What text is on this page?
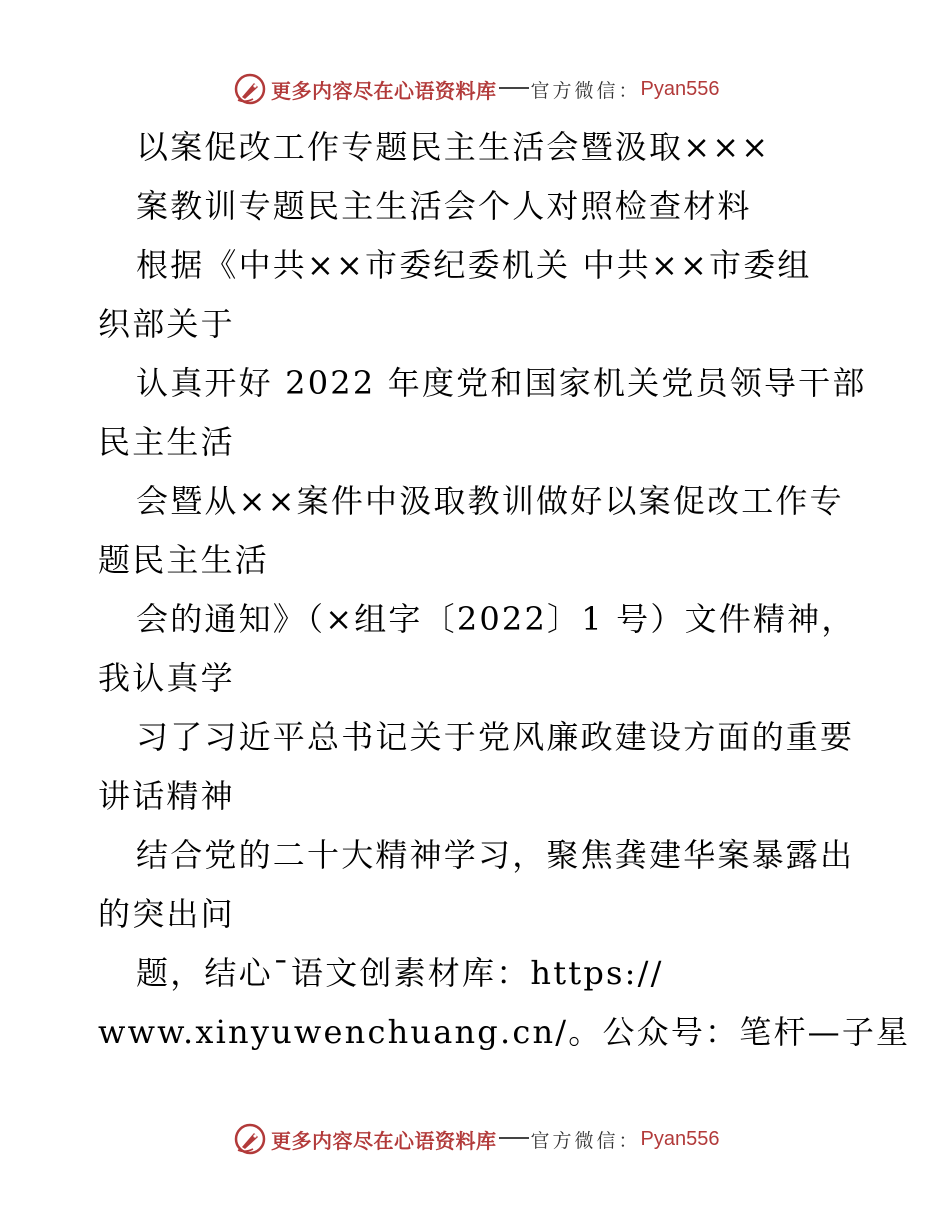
更多内容尽在心语资料库 官方微信： Pyan556
以案促改工作专题民主生活会暨汲取×××
案教训专题民主生活会个人对照检查材料
根据《中共××市委纪委机关 中共××市委组
织部关于
认真开好 2022 年度党和国家机关党员领导干部
民主生活
会暨从××案件中汲取教训做好以案促改工作专
题民主生活
会的通知》（×组字〔2022〕1 号）文件精神，
我认真学
习了习近平总书记关于党风廉政建设方面的重要
讲话精神
结合党的二十大精神学习，聚焦龚建华案暴露出
的突出问
题，结心¯语文创素材库：https://
www.xinyuwenchuang.cn/。公众号：笔杆—子星
更多内容尽在心语资料库 官方微信： Pyan556
